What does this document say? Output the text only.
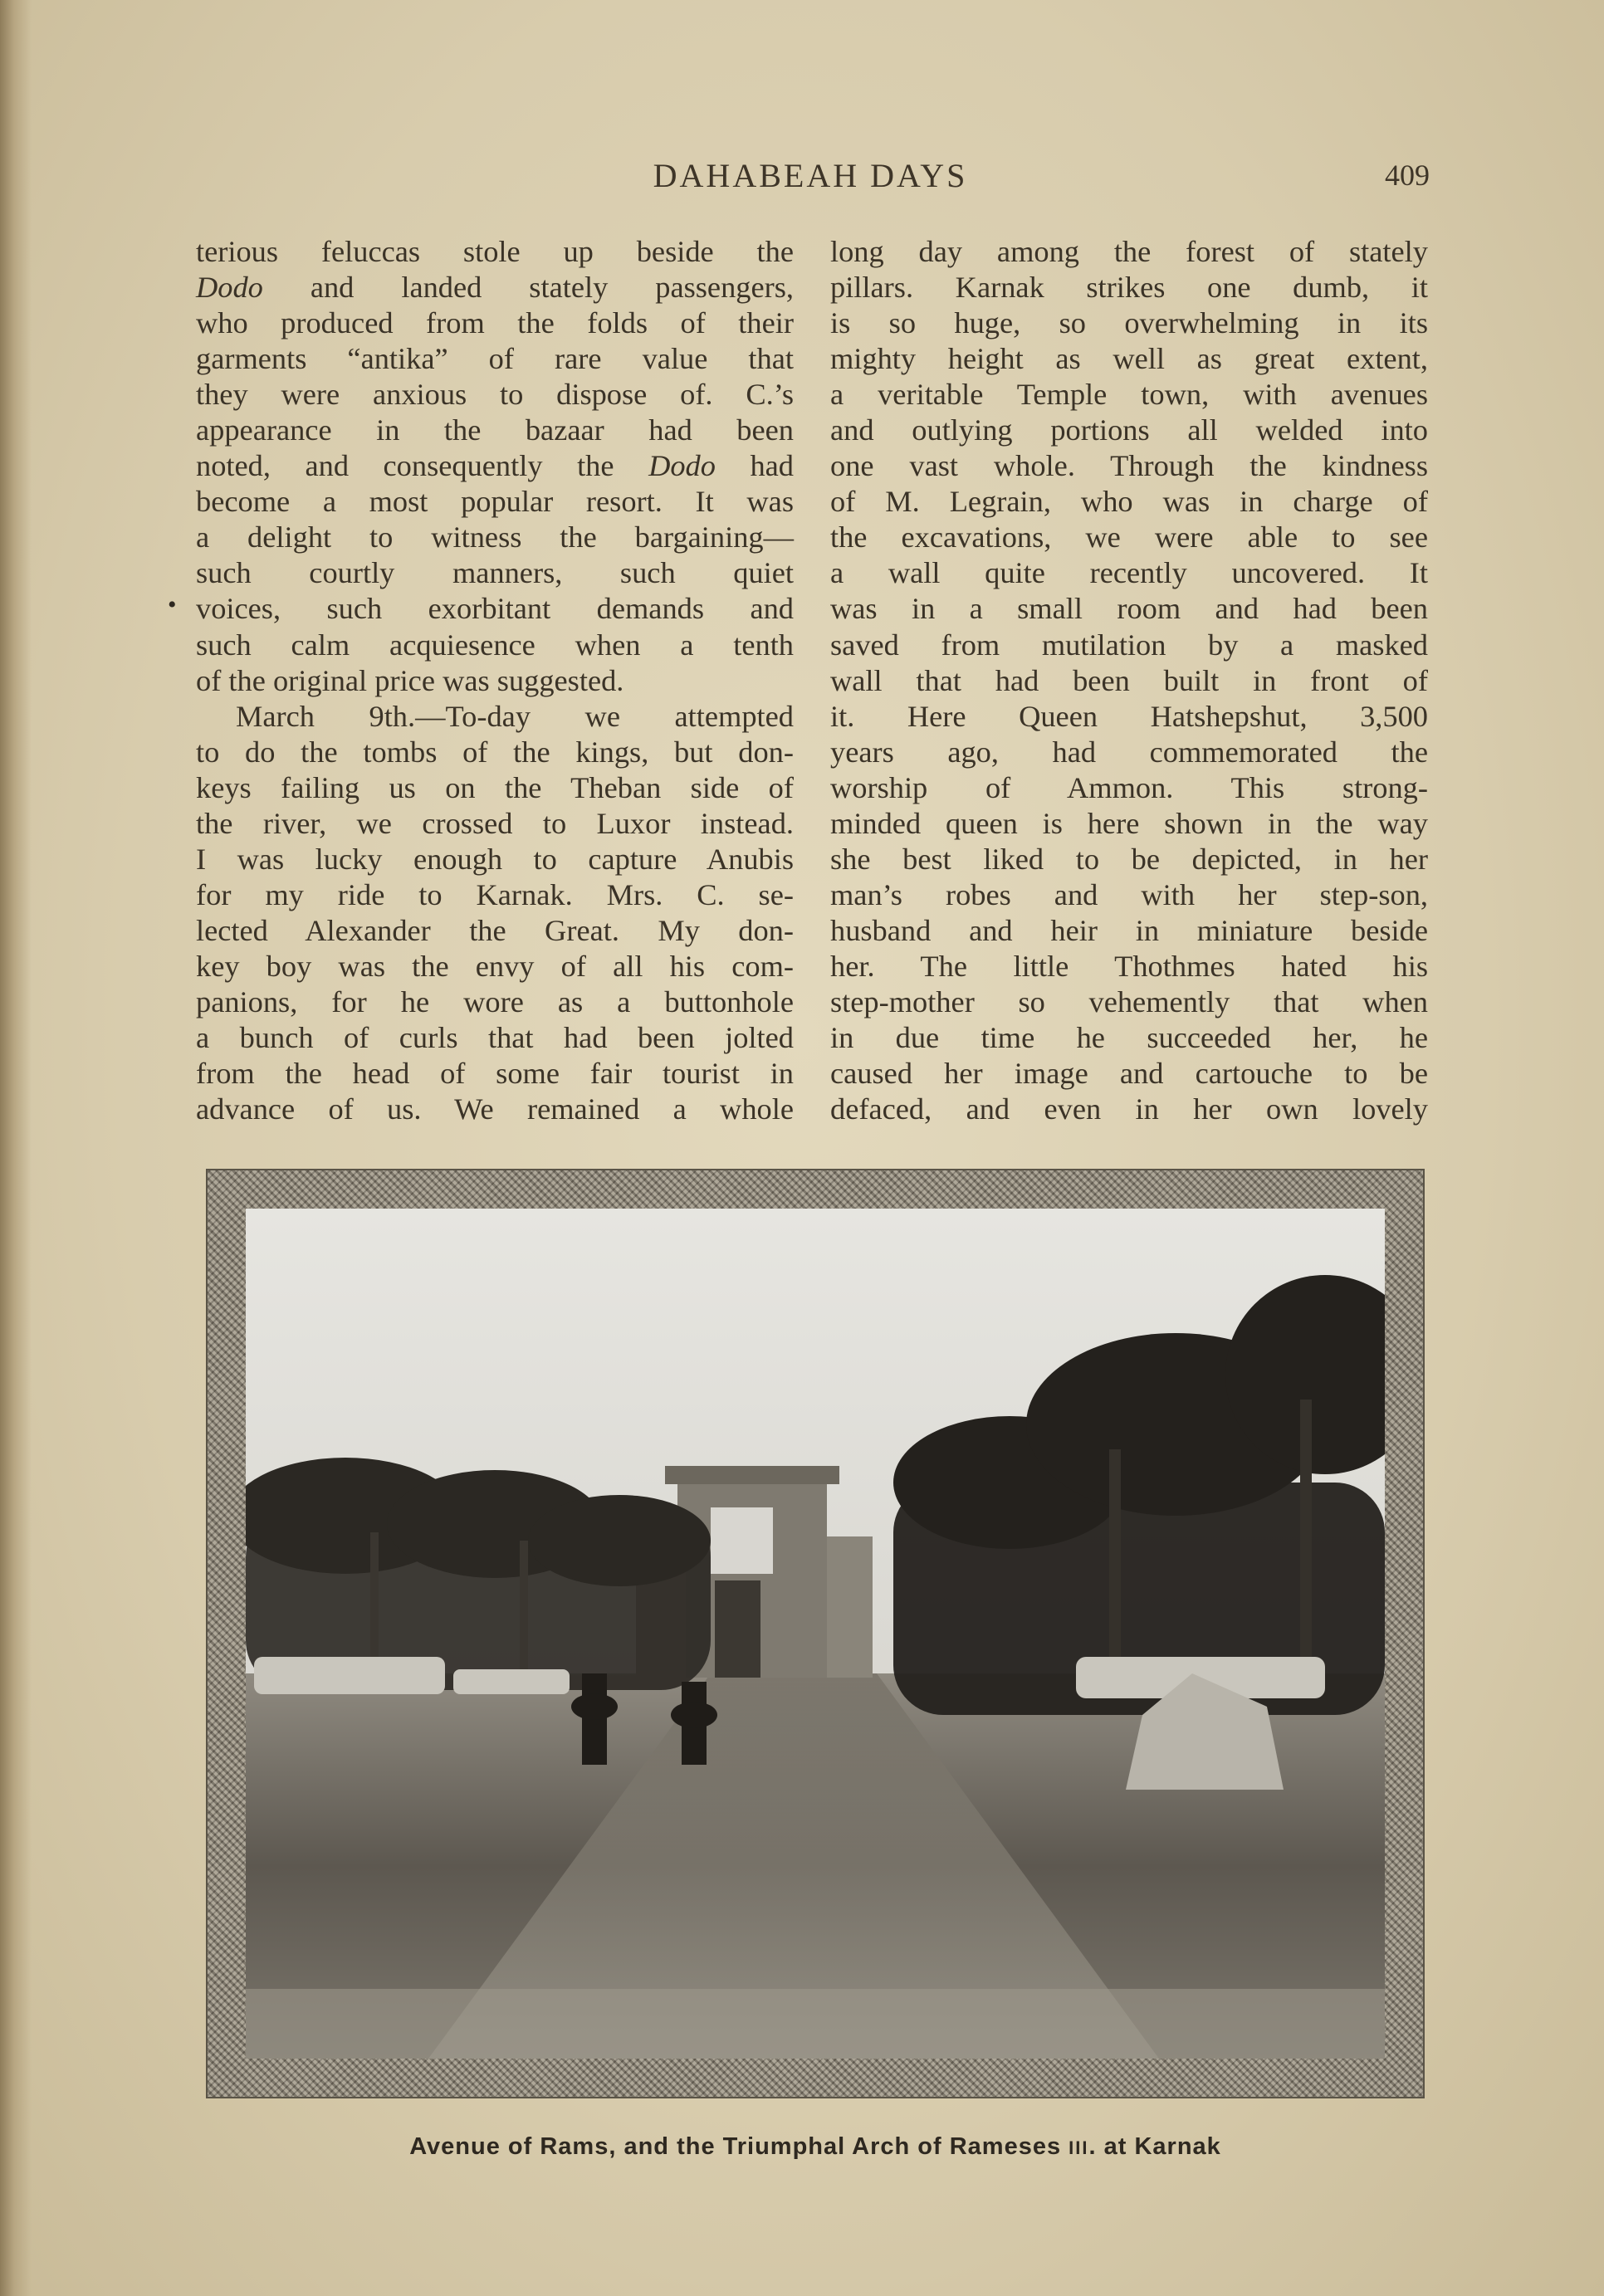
DAHABEAH DAYS	409
•
terious feluccas stole up beside the
Dodo and landed stately passengers,
who produced from the folds of their
garments “antika” of rare value that
they were anxious to dispose of. C.’s
appearance in the bazaar had been
noted, and consequently the Dodo had
become a most popular resort. It was
a delight to witness the bargaining—
such courtly manners, such quiet
voices, such exorbitant demands and
such calm acquiesence when a tenth
of the original price was suggested.
March 9th.—To-day we attempted
to do the tombs of the kings, but don-
keys failing us on the Theban side of
the river, we crossed to Luxor instead.
I was lucky enough to capture Anubis
for my ride to Karnak. Mrs. C. se-
lected Alexander the Great. My don-
key boy was the envy of all his com-
panions, for he wore as a buttonhole
a bunch of curls that had been jolted
from the head of some fair tourist in
advance of us. We remained a whole
long day among the forest of stately
pillars. Karnak strikes one dumb, it
is so huge, so overwhelming in its
mighty height as well as great extent,
a veritable Temple town, with avenues
and outlying portions all welded into
one vast whole. Through the kindness
of M. Legrain, who was in charge of
the excavations, we were able to see
a wall quite recently uncovered. It
was in a small room and had been
saved from mutilation by a masked
wall that had been built in front of
it. Here Queen Hatshepshut, 3,500
years ago, had commemorated the
worship of Ammon. This strong-
minded queen is here shown in the way
she best liked to be depicted, in her
man’s robes and with her step-son,
husband and heir in miniature beside
her. The little Thothmes hated his
step-mother so vehemently that when
in due time he succeeded her, he
caused her image and cartouche to be
defaced, and even in her own lovely
Avenue of Rams, and the Triumphal Arch of Rameses III. at Karnak
